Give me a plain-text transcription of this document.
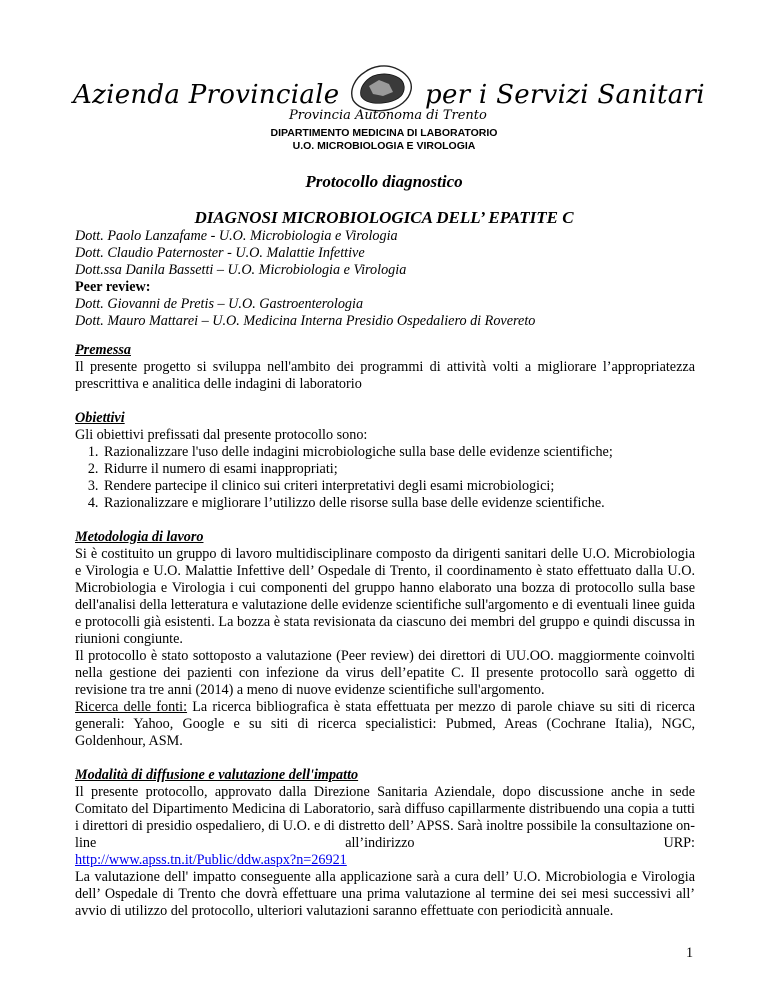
Azienda Provinciale	per i Servizi Sanitari
Provincia Autonoma di Trento
DIPARTIMENTO MEDICINA DI LABORATORIO
U.O. MICROBIOLOGIA E VIROLOGIA
Protocollo diagnostico
DIAGNOSI MICROBIOLOGICA DELL’ EPATITE C
Dott. Paolo Lanzafame - U.O. Microbiologia e Virologia
Dott. Claudio Paternoster - U.O. Malattie Infettive
Dott.ssa Danila Bassetti – U.O. Microbiologia e Virologia
Peer review:
Dott. Giovanni de Pretis – U.O. Gastroenterologia
Dott. Mauro Mattarei – U.O. Medicina Interna Presidio Ospedaliero di Rovereto
Premessa
Il presente progetto si sviluppa nell'ambito dei programmi di attività volti a migliorare l’appropriatezza prescrittiva e analitica delle indagini di laboratorio
Obiettivi
Gli obiettivi prefissati dal presente protocollo sono:
1. Razionalizzare l'uso delle indagini microbiologiche sulla base delle evidenze scientifiche;
2. Ridurre il numero di esami inappropriati;
3. Rendere partecipe il clinico sui criteri interpretativi degli esami microbiologici;
4. Razionalizzare e migliorare l’utilizzo delle risorse sulla base delle evidenze scientifiche.
Metodologia di lavoro
Si è costituito un gruppo di lavoro multidisciplinare composto da dirigenti sanitari delle U.O. Microbiologia e Virologia e U.O. Malattie Infettive dell’ Ospedale di Trento, il coordinamento è stato effettuato dalla U.O. Microbiologia e Virologia i cui componenti del gruppo hanno elaborato una bozza di protocollo sulla base dell'analisi della letteratura e valutazione delle evidenze scientifiche sull'argomento e di eventuali linee guida e protocolli già esistenti. La bozza è stata revisionata da ciascuno dei membri del gruppo e quindi discussa in riunioni congiunte.
Il protocollo è stato sottoposto a valutazione (Peer review) dei direttori di UU.OO. maggiormente coinvolti nella gestione dei pazienti con infezione da virus dell’epatite C. Il presente protocollo sarà oggetto di revisione tra tre anni (2014) a meno di nuove evidenze scientifiche sull'argomento.
Ricerca delle fonti: La ricerca bibliografica è stata effettuata per mezzo di parole chiave su siti di ricerca generali: Yahoo, Google e su siti di ricerca specialistici: Pubmed, Areas (Cochrane Italia), NGC, Goldenhour, ASM.
Modalità di diffusione e valutazione dell'impatto
Il presente protocollo, approvato dalla Direzione Sanitaria Aziendale, dopo discussione anche in sede Comitato del Dipartimento Medicina di Laboratorio, sarà diffuso capillarmente distribuendo una copia a tutti i direttori di presidio ospedaliero, di U.O. e di distretto dell’ APSS. Sarà inoltre possibile la consultazione on-line all’indirizzo URP:
http://www.apss.tn.it/Public/ddw.aspx?n=26921
La valutazione dell' impatto conseguente alla applicazione sarà a cura dell’ U.O. Microbiologia e Virologia dell’ Ospedale di Trento che dovrà effettuare una prima valutazione al termine dei sei mesi successivi all’ avvio di utilizzo del protocollo, ulteriori valutazioni saranno effettuate con periodicità annuale.
1
